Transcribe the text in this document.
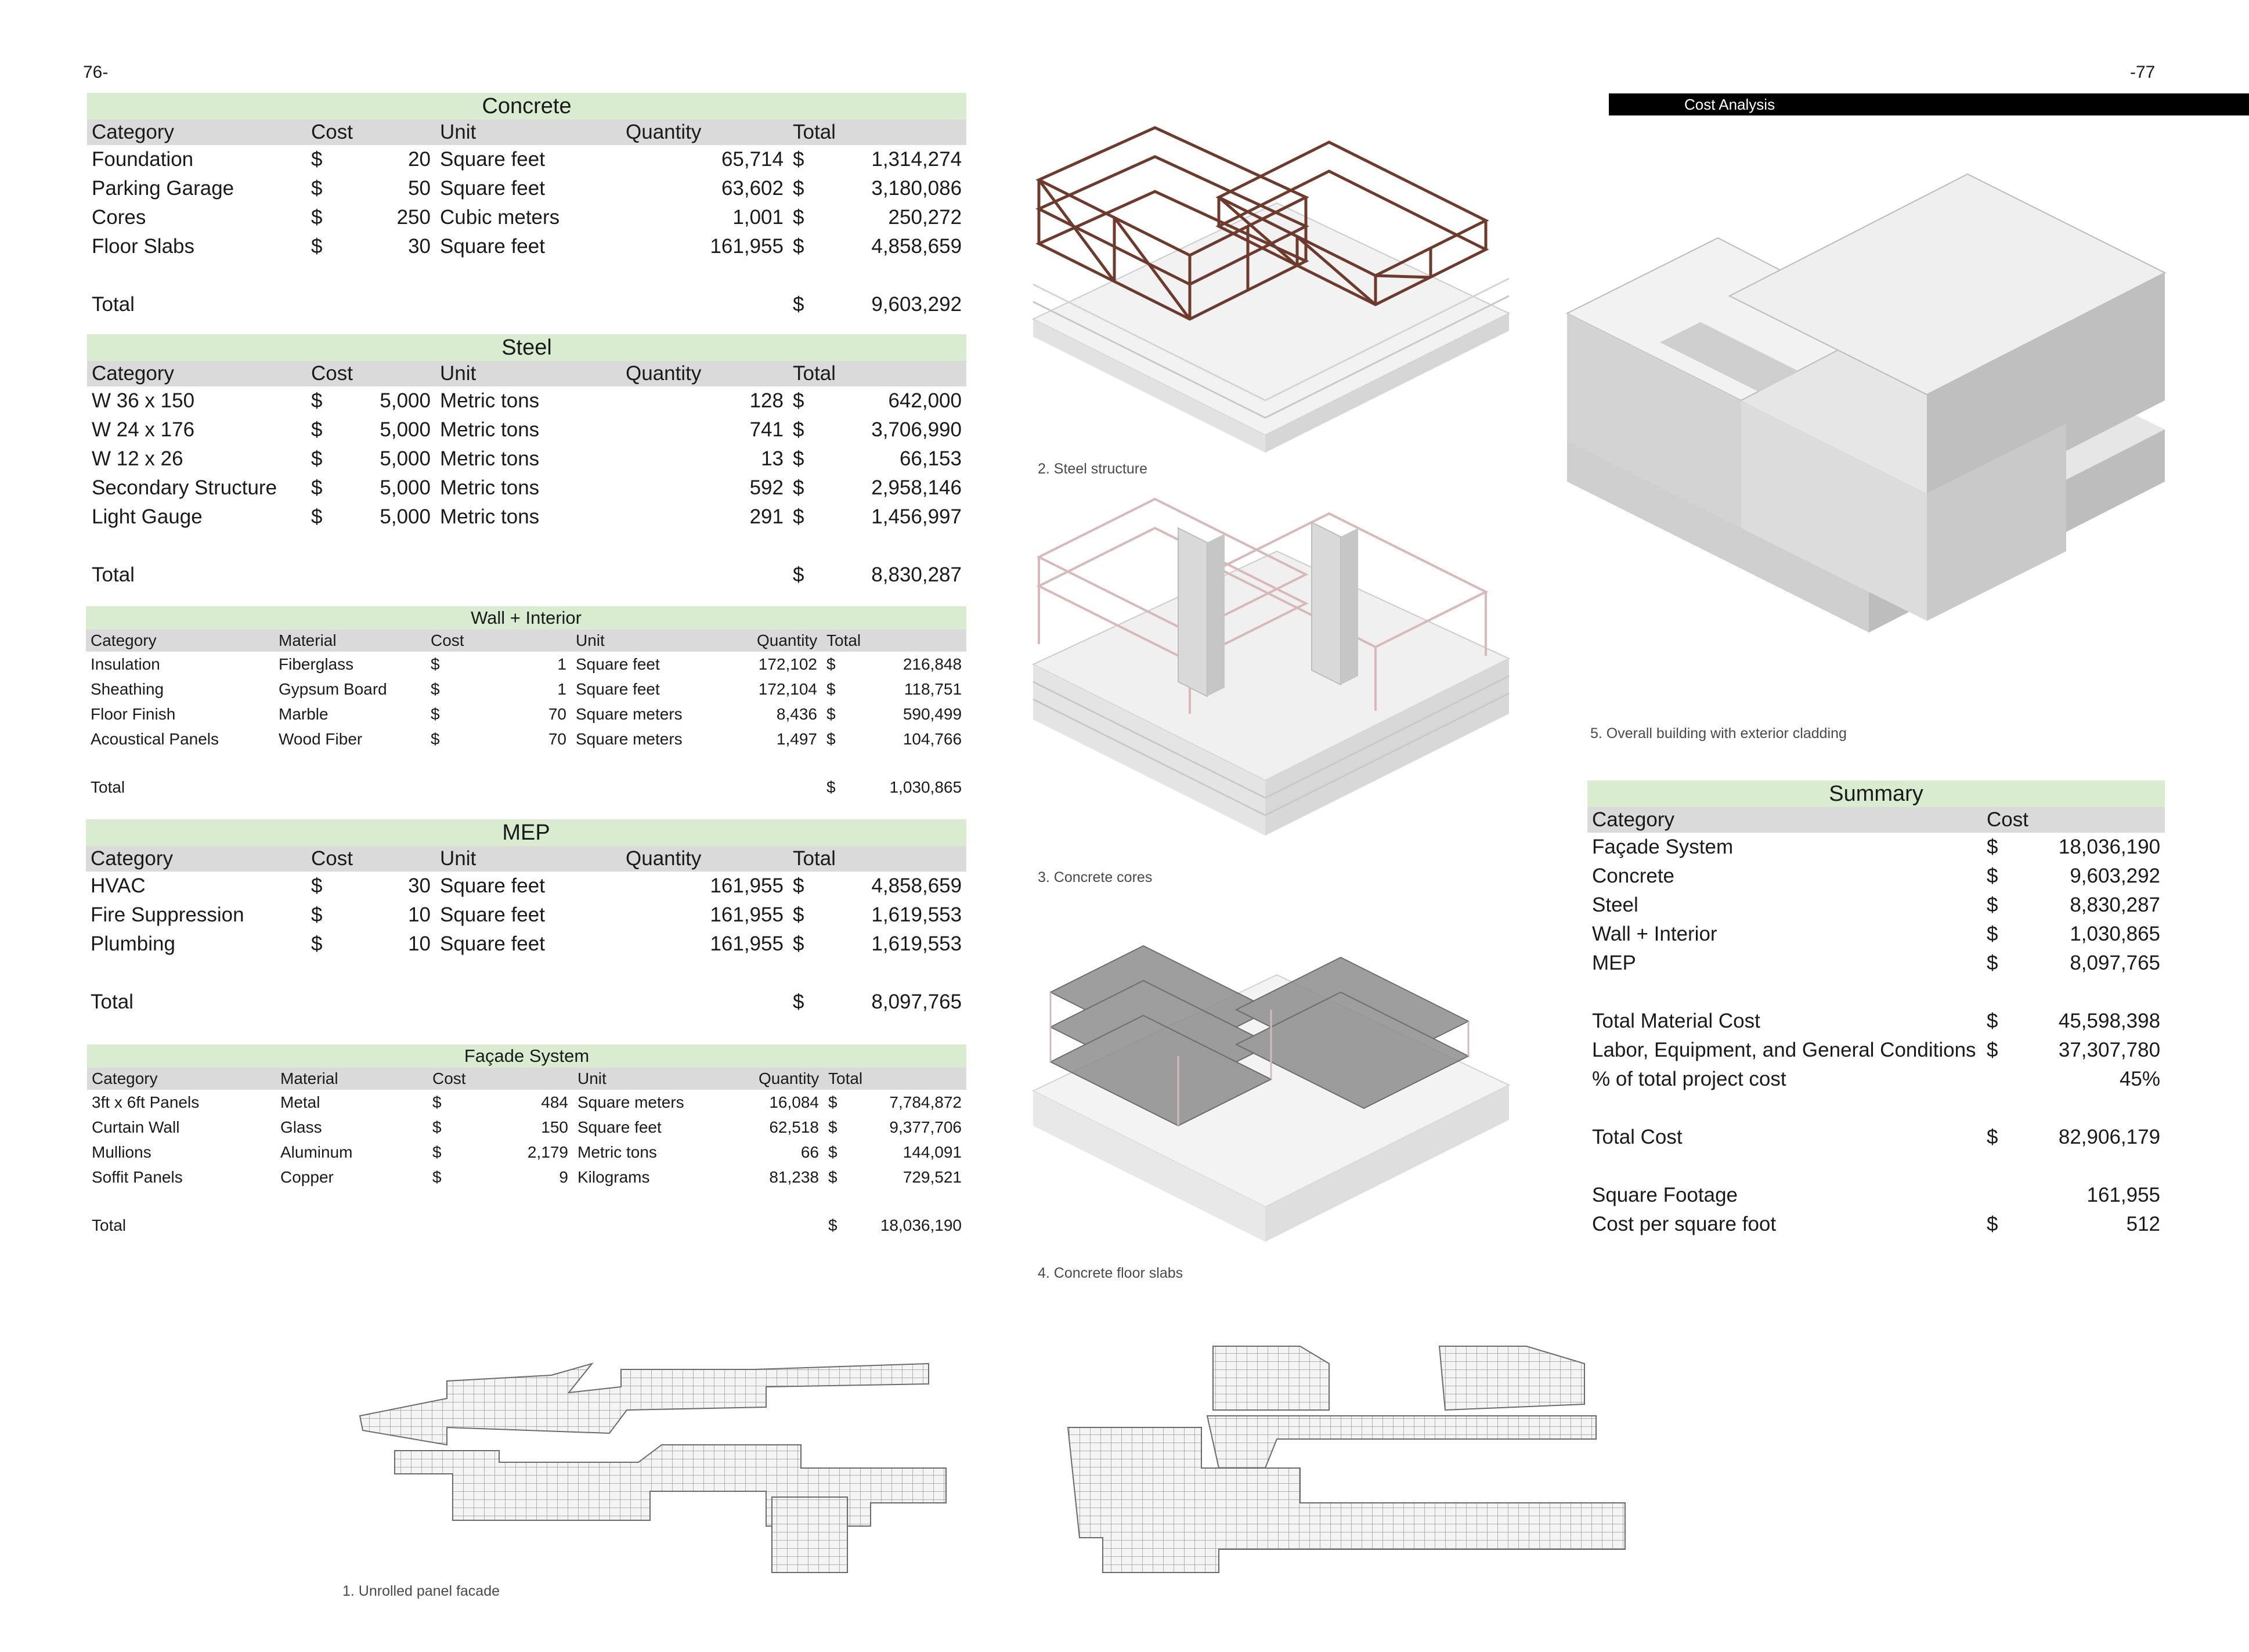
76-	-77
Cost Analysis
Concrete							
Category	Cost		Unit	Quantity		Total	
Foundation	$	20	Square feet		65,714	$	1,314,274
Parking Garage	$	50	Square feet		63,602	$	3,180,086
Cores	$	250	Cubic meters		1,001	$	250,272
Floor Slabs	$	30	Square feet		161,955	$	4,858,659

Total						$	9,603,292
Steel							
Category	Cost		Unit	Quantity		Total	
W 36 x 150	$	5,000	Metric tons		128	$	642,000
W 24 x 176	$	5,000	Metric tons		741	$	3,706,990
W 12 x 26	$	5,000	Metric tons		13	$	66,153
Secondary Structure	$	5,000	Metric tons		592	$	2,958,146
Light Gauge	$	5,000	Metric tons		291	$	1,456,997

Total						$	8,830,287
Wall + Interior							
Category	Material	Cost		Unit	Quantity	Total	
Insulation	Fiberglass	$	1	Square feet	172,102	$	216,848
Sheathing	Gypsum Board	$	1	Square feet	172,104	$	118,751
Floor Finish	Marble	$	70	Square meters	8,436	$	590,499
Acoustical Panels	Wood Fiber	$	70	Square meters	1,497	$	104,766

Total						$	1,030,865
MEP							
Category	Cost		Unit	Quantity		Total	
HVAC	$	30	Square feet		161,955	$	4,858,659
Fire Suppression	$	10	Square feet		161,955	$	1,619,553
Plumbing	$	10	Square feet		161,955	$	1,619,553

Total						$	8,097,765
Façade System							
Category	Material	Cost		Unit	Quantity	Total	
3ft x 6ft Panels	Metal	$	484	Square meters	16,084	$	7,784,872
Curtain Wall	Glass	$	150	Square feet	62,518	$	9,377,706
Mullions	Aluminum	$	2,179	Metric tons	66	$	144,091
Soffit Panels	Copper	$	9	Kilograms	81,238	$	729,521

Total						$	18,036,190
Summary		
Category	Cost	
Façade System	$	18,036,190
Concrete	$	9,603,292
Steel	$	8,830,287
Wall + Interior	$	1,030,865
MEP	$	8,097,765

Total Material Cost	$	45,598,398
Labor, Equipment, and General Conditions	$	37,307,780
% of total project cost		45%

Total Cost	$	82,906,179

Square Footage		161,955
Cost per square foot	$	512
2. Steel structure
3. Concrete cores
4. Concrete floor slabs
5. Overall building with exterior cladding
1. Unrolled panel facade
